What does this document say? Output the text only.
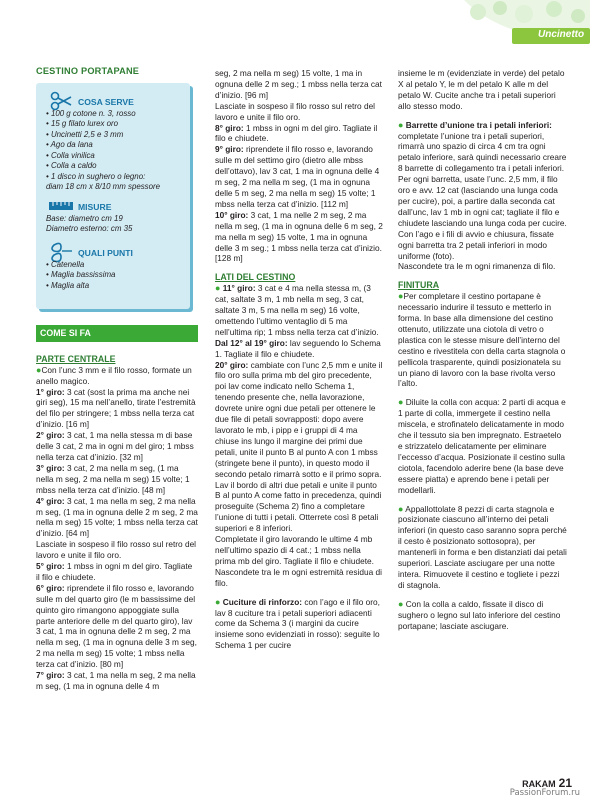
Uncinetto

CESTINO PORTAPANE

COSA SERVE
• 100 g cotone n. 3, rosso
• 15 g filato lurex oro
• Uncinetti 2,5 e 3 mm
• Ago da lana
• Colla vinilica
• Colla a caldo
• 1 disco in sughero o legno:
diam 18 cm x 8/10 mm spessore
MISURE
Base: diametro cm 19
Diametro esterno: cm 35
QUALI PUNTI
• Catenella
• Maglia bassissima
• Maglia alta

COME SI FA

PARTE CENTRALE

●Con l’unc 3 mm e il filo rosso, formate un anello magico.

1° giro: 3 cat (sost la prima ma anche nei giri seg), 15 ma nell’anello, tirate l’estremità del filo per stringere; 1 mbss nella terza cat d’inizio. [16 m]

2° giro: 3 cat, 1 ma nella stessa m di base delle 3 cat, 2 ma in ogni m del giro; 1 mbss nella terza cat d’inizio. [32 m]

3° giro: 3 cat, 2 ma nella m seg, (1 ma nella m seg, 2 ma nella m seg) 15 volte; 1 mbss nella terza cat d’inizio. [48 m]

4° giro: 3 cat, 1 ma nella m seg, 2 ma nella m seg, (1 ma in ognuna delle 2 m seg, 2 ma nella m seg) 15 volte; 1 mbss nella terza cat d’inizio. [64 m]

Lasciate in sospeso il filo rosso sul retro del lavoro e unite il filo oro.

5° giro: 1 mbss in ogni m del giro. Tagliate il filo e chiudete.

6° giro: riprendete il filo rosso e, lavorando sulle m del quarto giro (le m bassissime del quinto giro rimangono appoggiate sulla parte anteriore delle m del quarto giro), lav 3 cat, 1 ma in ognuna delle 2 m seg, 2 ma nella m seg, (1 ma in ognuna delle 3 m seg, 2 ma nella m seg) 15 volte; 1 mbss nella terza cat d’inizio. [80 m]

7° giro: 3 cat, 1 ma nella m seg, 2 ma nella m seg, (1 ma in ognuna delle 4 m

seg, 2 ma nella m seg) 15 volte, 1 ma in ognuna delle 2 m seg.; 1 mbss nella terza cat d’inizio. [96 m]

Lasciate in sospeso il filo rosso sul retro del lavoro e unite il filo oro.

8° giro: 1 mbss in ogni m del giro. Tagliate il filo e chiudete.

9° giro: riprendete il filo rosso e, lavorando sulle m del settimo giro (dietro alle mbss dell’ottavo), lav 3 cat, 1 ma in ognuna delle 4 m seg, 2 ma nella m seg, (1 ma in ognuna delle 5 m seg, 2 ma nella m seg) 15 volte; 1 mbss nella terza cat d’inizio. [112 m]

10° giro: 3 cat, 1 ma nelle 2 m seg, 2 ma nella m seg, (1 ma in ognuna delle 6 m seg, 2 ma nella m seg) 15 volte, 1 ma in ognuna delle 3 m seg.; 1 mbss nella terza cat d’inizio. [128 m]

LATI DEL CESTINO

● 11° giro: 3 cat e 4 ma nella stessa m, (3 cat, saltate 3 m, 1 mb nella m seg, 3 cat, saltate 3 m, 5 ma nella m seg) 16 volte, omettendo l’ultimo ventaglio di 5 ma nell’ultima rip; 1 mbss nella terza cat d’inizio.

Dal 12° al 19° giro: lav seguendo lo Schema 1. Tagliate il filo e chiudete.

20° giro: cambiate con l’unc 2,5 mm e unite il filo oro sulla prima mb del giro precedente, poi lav come indicato nello Schema 1, tenendo presente che, nella lavorazione, dovrete unire ogni due petali per ottenere le due file di petali sovrapposti: dopo avere lavorato le mb, i pipp e i gruppi di 4 ma chiuse ins lungo il margine dei primi due petali, unite il punto B al punto A con 1 mbss (stringete bene il punto), in questo modo il secondo petalo rimarrà sotto e il primo sopra. Lav il bordo di altri due petali e unite il punto B al punto A come fatto in precedenza, quindi proseguite (Schema 2) fino a completare l’unione di tutti i petali. Otterrete così 8 petali superiori e 8 inferiori.

Completate il giro lavorando le ultime 4 mb nell’ultimo spazio di 4 cat.; 1 mbss nella prima mb del giro. Tagliate il filo e chiudete. Nascondete tra le m ogni estremità residua di filo.

● Cuciture di rinforzo: con l’ago e il filo oro, lav 8 cuciture tra i petali superiori adiacenti come da Schema 3 (i margini da cucire insieme sono evidenziati in rosso): seguite lo Schema 1 per cucire

insieme le m (evidenziate in verde) del petalo X al petalo Y, le m del petalo K alle m del petalo W. Cucite anche tra i petali superiori allo stesso modo.

● Barrette d’unione tra i petali inferiori: completate l’unione tra i petali superiori, rimarrà uno spazio di circa 4 cm tra ogni petalo inferiore, sarà quindi necessario creare 8 barrette di collegamento tra i petali inferiori. Per ogni barretta, usate l’unc. 2,5 mm, il filo oro e avv. 12 cat (lasciando una lunga coda per cucire), poi, a partire dalla seconda cat dall’unc, lav 1 mb in ogni cat; tagliate il filo e chiudete lasciando una lunga coda per cucire. Con l’ago e i fili di avvio e chiusura, fissate ogni barretta tra 2 petali inferiori in modo uniforme (foto).

Nascondete tra le m ogni rimanenza di filo.

FINITURA

●Per completare il cestino portapane è necessario indurire il tessuto e metterlo in forma. In base alla dimensione del cestino ottenuto, utilizzate una ciotola di vetro o plastica con le stesse misure dell’interno del cestino e rivestitela con della carta stagnola o pellicola trasparente, quindi posizionatela su un piano di lavoro con la base rivolta verso l’alto.

● Diluite la colla con acqua: 2 parti di acqua e 1 parte di colla, immergete il cestino nella miscela, e strofinatelo delicatamente in modo che il tessuto sia ben impregnato. Estraetelo e strizzatelo delicatamente per eliminare l’eccesso d’acqua. Posizionate il cestino sulla ciotola, facendolo aderire bene (la base deve essere piatta) e aprendo bene i petali per modellarli.

● Appallottolate 8 pezzi di carta stagnola e posizionate ciascuno all’interno dei petali inferiori (in questo caso saranno sopra perché il cesto è posizionato sottosopra), per mantenerli in forma e ben distanziati dai petali superiori. Lasciate asciugare per una notte intera. Rimuovete il cestino e togliete i pezzi di stagnola.

● Con la colla a caldo, fissate il disco di sughero o legno sul lato inferiore del cestino portapane; lasciate asciugare.

RAKAM 21
PassionForum.ru
